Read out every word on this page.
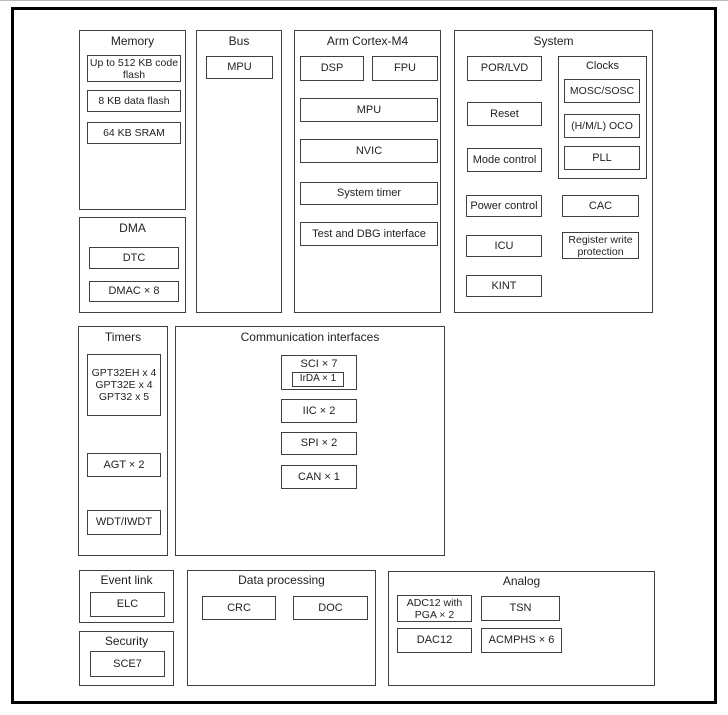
Memory
Up to 512 KB code flash
8 KB data flash
64 KB SRAM
DMA
DTC
DMAC × 8
Bus
MPU
Arm Cortex-M4
DSP	FPU
MPU
NVIC
System timer
Test and DBG interface
System
POR/LVD
Reset
Mode control
Power control
ICU
KINT
Clocks
MOSC/SOSC
(H/M/L) OCO
PLL
CAC
Register write protection
Timers
GPT32EH x 4
GPT32E x 4
GPT32 x 5
AGT × 2
WDT/IWDT
Communication interfaces
SCI × 7
IrDA × 1
IIC × 2
SPI × 2
CAN × 1
Event link
ELC
Security
SCE7
Data processing
CRC	DOC
Analog
ADC12 with PGA × 2
TSN
DAC12	ACMPHS × 6
